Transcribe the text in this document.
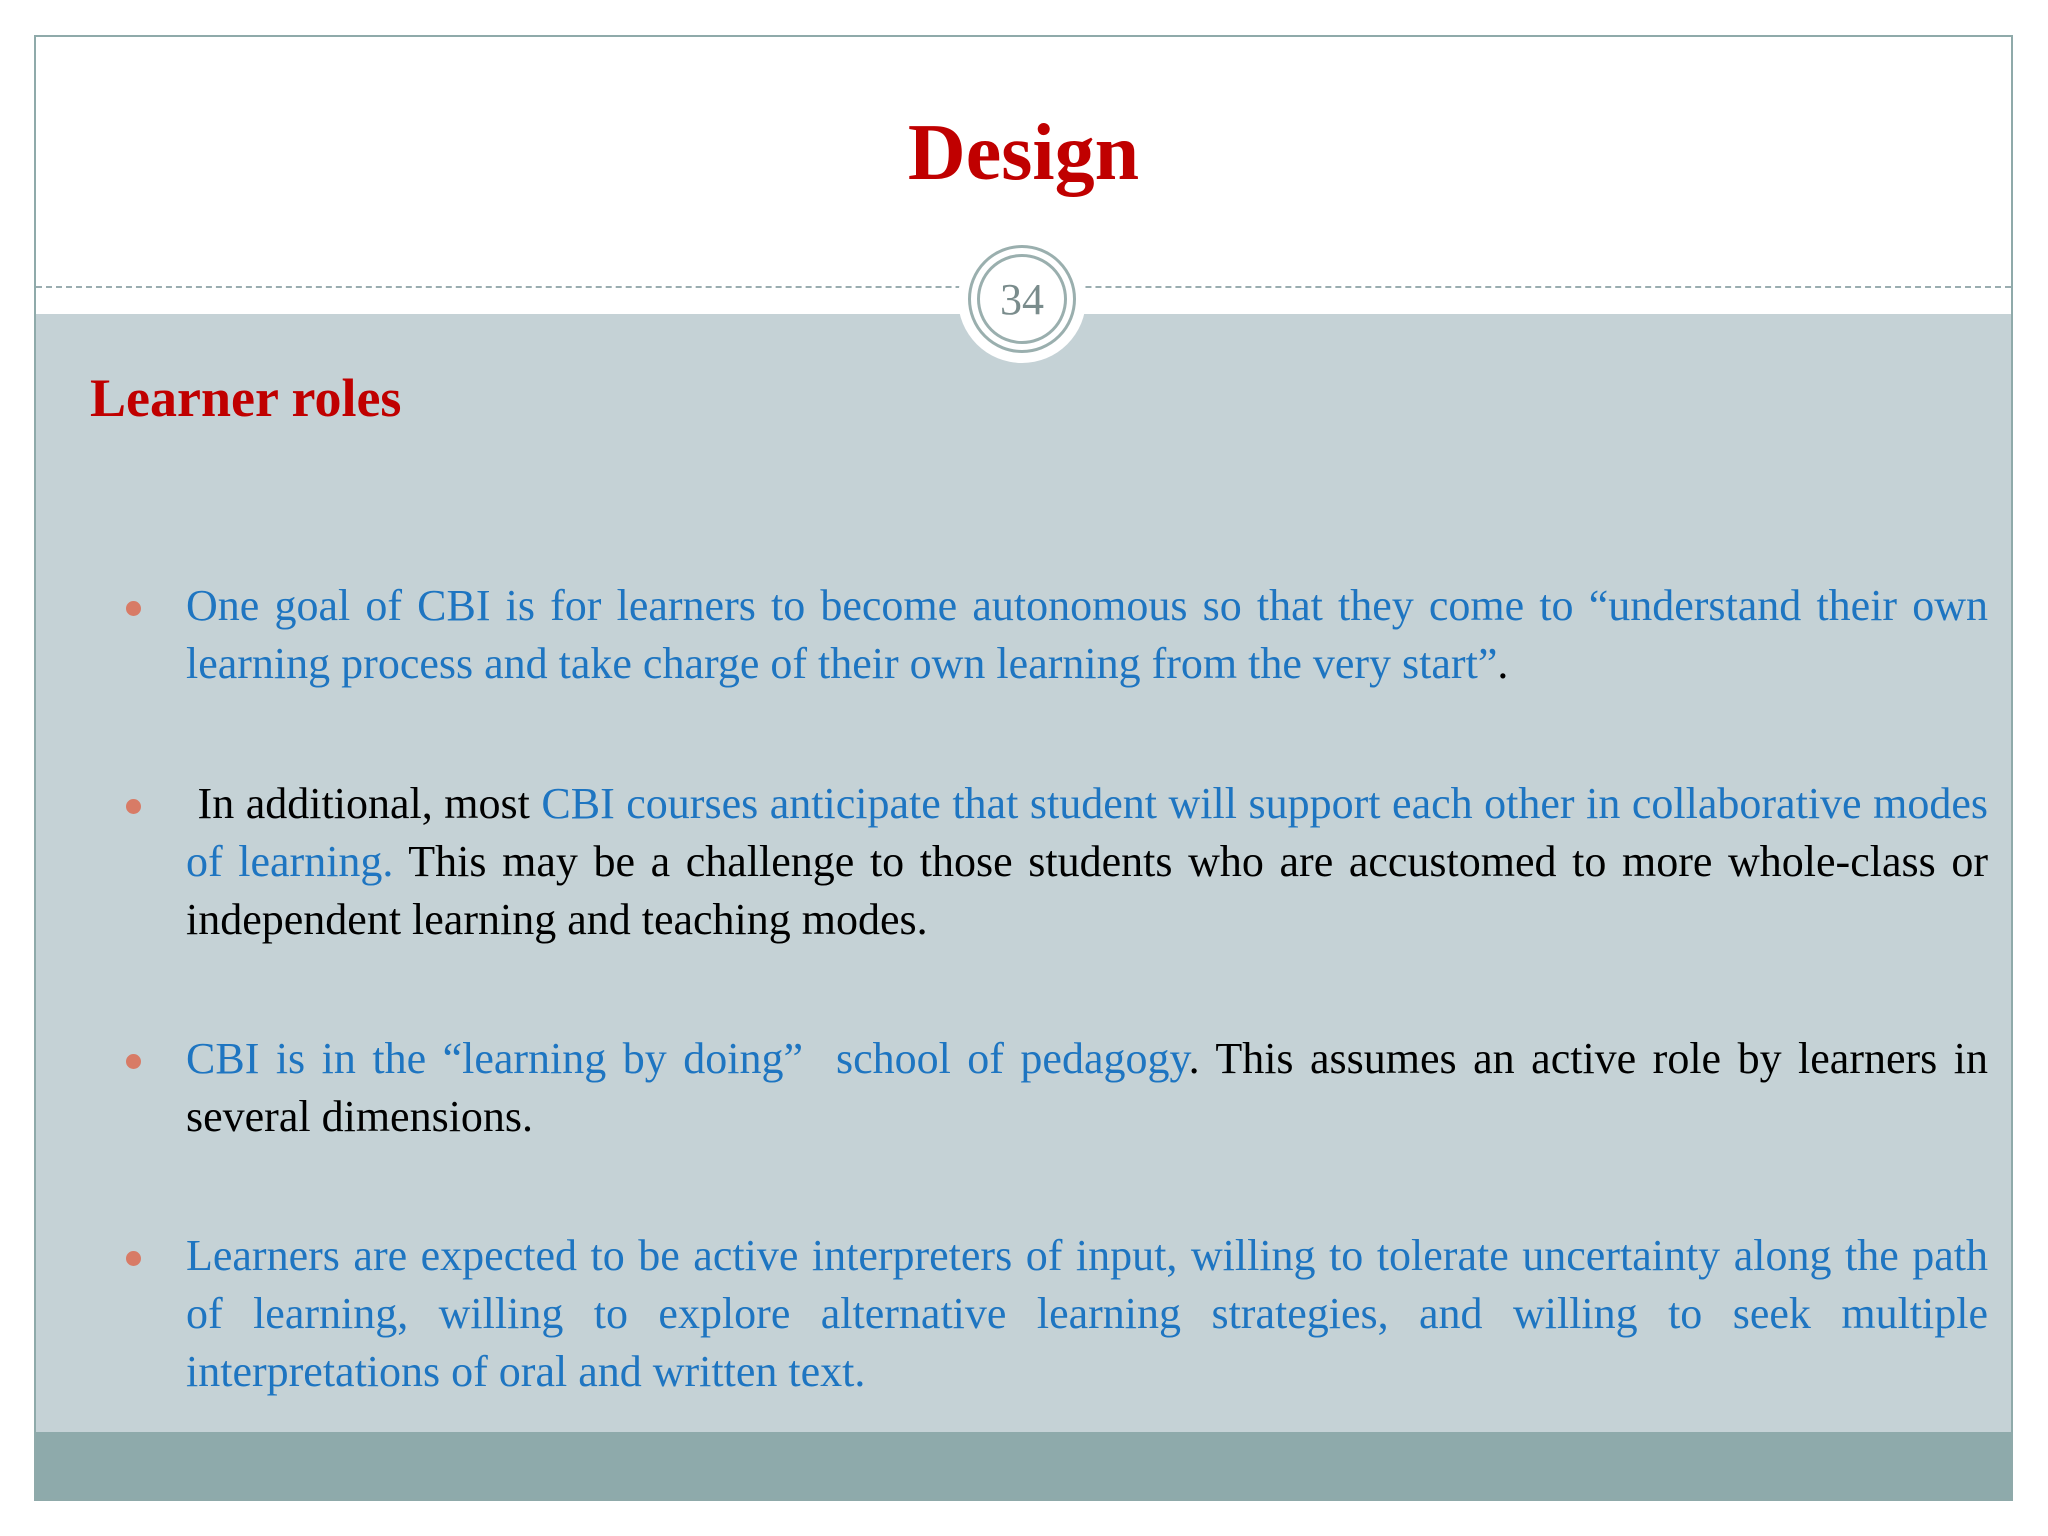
Design
34
Learner roles
One goal of CBI is for learners to become autonomous so that they come to “understand their own learning process and take charge of their own learning from the very start”.
In additional, most CBI courses anticipate that student will support each other in collaborative modes of learning. This may be a challenge to those students who are accustomed to more whole-class or independent learning and teaching modes.
CBI is in the “learning by doing”  school of pedagogy. This assumes an active role by learners in several dimensions.
Learners are expected to be active interpreters of input, willing to tolerate uncertainty along the path of learning, willing to explore alternative learning strategies, and willing to seek multiple interpretations of oral and written text.
